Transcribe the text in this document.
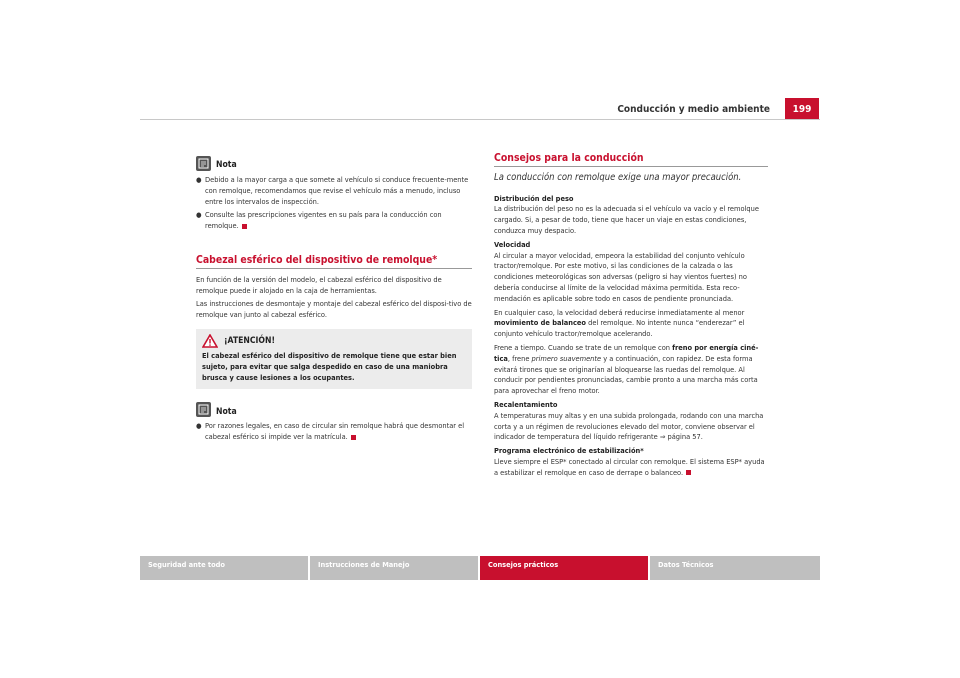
Conducción y medio ambiente	199
Nota
● Debido a la mayor carga a que somete al vehículo si conduce frecuente-mente con remolque, recomendamos que revise el vehículo más a menudo, incluso entre los intervalos de inspección.

● Consulte las prescripciones vigentes en su país para la conducción con remolque.

Cabezal esférico del dispositivo de remolque*

En función de la versión del modelo, el cabezal esférico del dispositivo de remolque puede ir alojado en la caja de herramientas.

Las instrucciones de desmontaje y montaje del cabezal esférico del disposi-tivo de remolque van junto al cabezal esférico.

¡ATENCIÓN!
El cabezal esférico del dispositivo de remolque tiene que estar bien sujeto, para evitar que salga despedido en caso de una maniobra brusca y cause lesiones a los ocupantes.
Nota
● Por razones legales, en caso de circular sin remolque habrá que desmontar el cabezal esférico si impide ver la matrícula.

Consejos para la conducción
La conducción con remolque exige una mayor precaución.
Distribución del peso

La distribución del peso no es la adecuada si el vehículo va vacío y el remolque cargado. Si, a pesar de todo, tiene que hacer un viaje en estas condiciones, conduzca muy despacio.

Velocidad

Al circular a mayor velocidad, empeora la estabilidad del conjunto vehículo tractor/remolque. Por este motivo, si las condiciones de la calzada o las condiciones meteorológicas son adversas (peligro si hay vientos fuertes) no debería conducirse al límite de la velocidad máxima permitida. Esta reco-mendación es aplicable sobre todo en casos de pendiente pronunciada.

En cualquier caso, la velocidad deberá reducirse inmediatamente al menor movimiento de balanceo del remolque. No intente nunca “enderezar” el conjunto vehículo tractor/remolque acelerando.

Frene a tiempo. Cuando se trate de un remolque con freno por energía ciné-tica, frene primero suavemente y a continuación, con rapidez. De esta forma evitará tirones que se originarían al bloquearse las ruedas del remolque. Al conducir por pendientes pronunciadas, cambie pronto a una marcha más corta para aprovechar el freno motor.

Recalentamiento

A temperaturas muy altas y en una subida prolongada, rodando con una marcha corta y a un régimen de revoluciones elevado del motor, conviene observar el indicador de temperatura del líquido refrigerante ⇒ página 57.

Programa electrónico de estabilización*

Lleve siempre el ESP* conectado al circular con remolque. El sistema ESP* ayuda a estabilizar el remolque en caso de derrape o balanceo.

Seguridad ante todo	Instrucciones de Manejo	Consejos prácticos	Datos Técnicos
